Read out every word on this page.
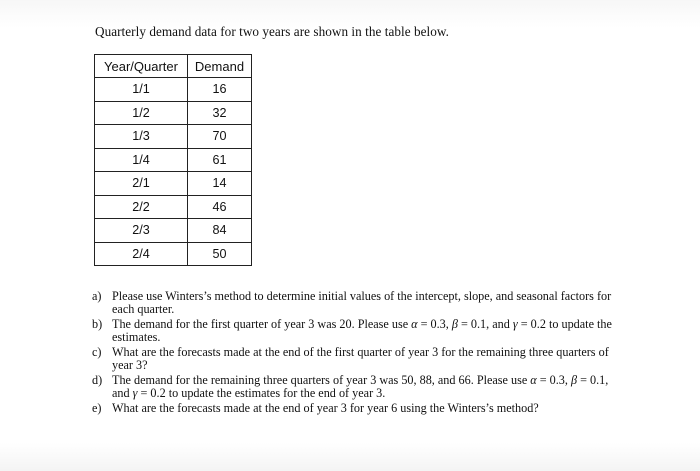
Quarterly demand data for two years are shown in the table below.
Year/Quarter	Demand
1/1	16
1/2	32
1/3	70
1/4	61
2/1	14
2/2	46
2/3	84
2/4	50
a) Please use Winters’s method to determine initial values of the intercept, slope, and seasonal factors for each quarter.
b) The demand for the first quarter of year 3 was 20. Please use α = 0.3, β = 0.1, and γ = 0.2 to update the estimates.
c) What are the forecasts made at the end of the first quarter of year 3 for the remaining three quarters of year 3?
d) The demand for the remaining three quarters of year 3 was 50, 88, and 66. Please use α = 0.3, β = 0.1, and γ = 0.2 to update the estimates for the end of year 3.
e) What are the forecasts made at the end of year 3 for year 6 using the Winters’s method?
